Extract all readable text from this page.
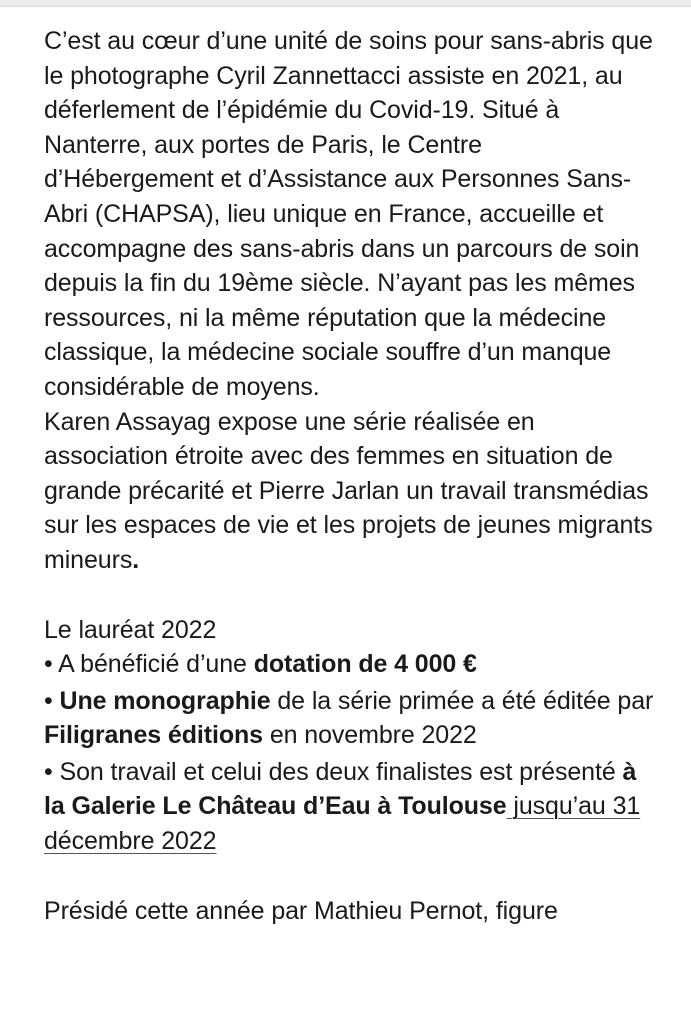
C’est au cœur d’une unité de soins pour sans-abris que le photographe Cyril Zannettacci assiste en 2021, au déferlement de l’épidémie du Covid-19. Situé à Nanterre, aux portes de Paris, le Centre d’Hébergement et d’Assistance aux Personnes Sans-Abri (CHAPSA), lieu unique en France, accueille et accompagne des sans-abris dans un parcours de soin depuis la fin du 19ème siècle. N’ayant pas les mêmes ressources, ni la même réputation que la médecine classique, la médecine sociale souffre d’un manque considérable de moyens.

Karen Assayag expose une série réalisée en association étroite avec des femmes en situation de grande précarité et Pierre Jarlan un travail transmédias sur les espaces de vie et les projets de jeunes migrants mineurs.

Le lauréat 2022

• A bénéficié d’une dotation de 4 000 €

• Une monographie de la série primée a été éditée par Filigranes éditions en novembre 2022

• Son travail et celui des deux finalistes est présenté à la Galerie Le Château d’Eau à Toulouse jusqu’au 31 décembre 2022

Présidé cette année par Mathieu Pernot, figure
